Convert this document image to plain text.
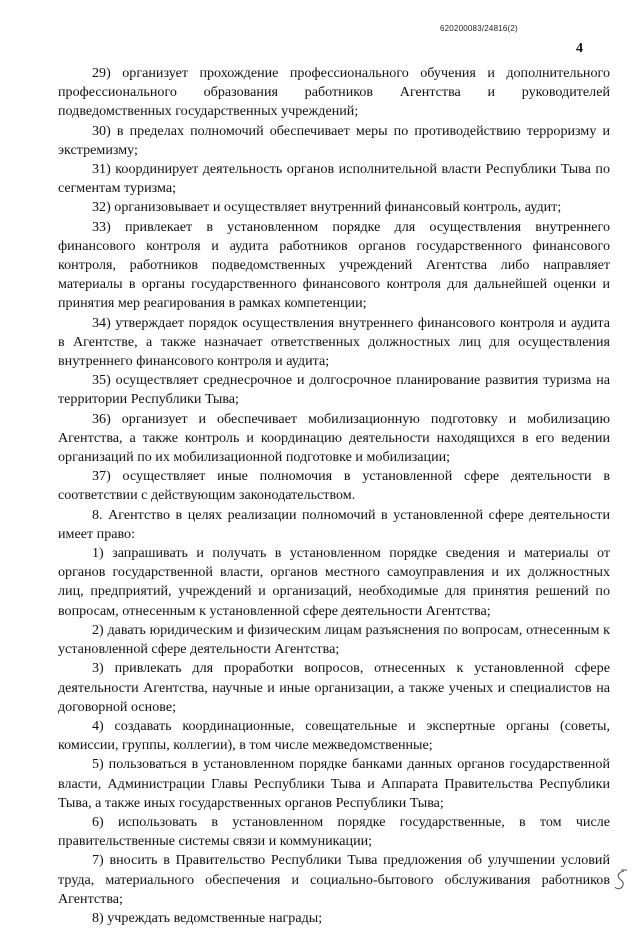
620200083/24816(2)
4

29) организует прохождение профессионального обучения и дополнительного профессионального образования работников Агентства и руководителей подведомственных государственных учреждений;

30) в пределах полномочий обеспечивает меры по противодействию терроризму и экстремизму;

31) координирует деятельность органов исполнительной власти Республики Тыва по сегментам туризма;

32) организовывает и осуществляет внутренний финансовый контроль, аудит;

33) привлекает в установленном порядке для осуществления внутреннего финансового контроля и аудита работников органов государственного финансового контроля, работников подведомственных учреждений Агентства либо направляет материалы в органы государственного финансового контроля для дальнейшей оценки и принятия мер реагирования в рамках компетенции;

34) утверждает порядок осуществления внутреннего финансового контроля и аудита в Агентстве, а также назначает ответственных должностных лиц для осуществления внутреннего финансового контроля и аудита;

35) осуществляет среднесрочное и долгосрочное планирование развития туризма на территории Республики Тыва;

36) организует и обеспечивает мобилизационную подготовку и мобилизацию Агентства, а также контроль и координацию деятельности находящихся в его ведении организаций по их мобилизационной подготовке и мобилизации;

37) осуществляет иные полномочия в установленной сфере деятельности в соответствии с действующим законодательством.

8. Агентство в целях реализации полномочий в установленной сфере деятельности имеет право:

1) запрашивать и получать в установленном порядке сведения и материалы от органов государственной власти, органов местного самоуправления и их должностных лиц, предприятий, учреждений и организаций, необходимые для принятия решений по вопросам, отнесенным к установленной сфере деятельности Агентства;

2) давать юридическим и физическим лицам разъяснения по вопросам, отнесенным к установленной сфере деятельности Агентства;

3) привлекать для проработки вопросов, отнесенных к установленной сфере деятельности Агентства, научные и иные организации, а также ученых и специалистов на договорной основе;

4) создавать координационные, совещательные и экспертные органы (советы, комиссии, группы, коллегии), в том числе межведомственные;

5) пользоваться в установленном порядке банками данных органов государственной власти, Администрации Главы Республики Тыва и Аппарата Правительства Республики Тыва, а также иных государственных органов Республики Тыва;

6) использовать в установленном порядке государственные, в том числе правительственные системы связи и коммуникации;

7) вносить в Правительство Республики Тыва предложения об улучшении условий труда, материального обеспечения и социально-бытового обслуживания работников Агентства;

8) учреждать ведомственные награды;
